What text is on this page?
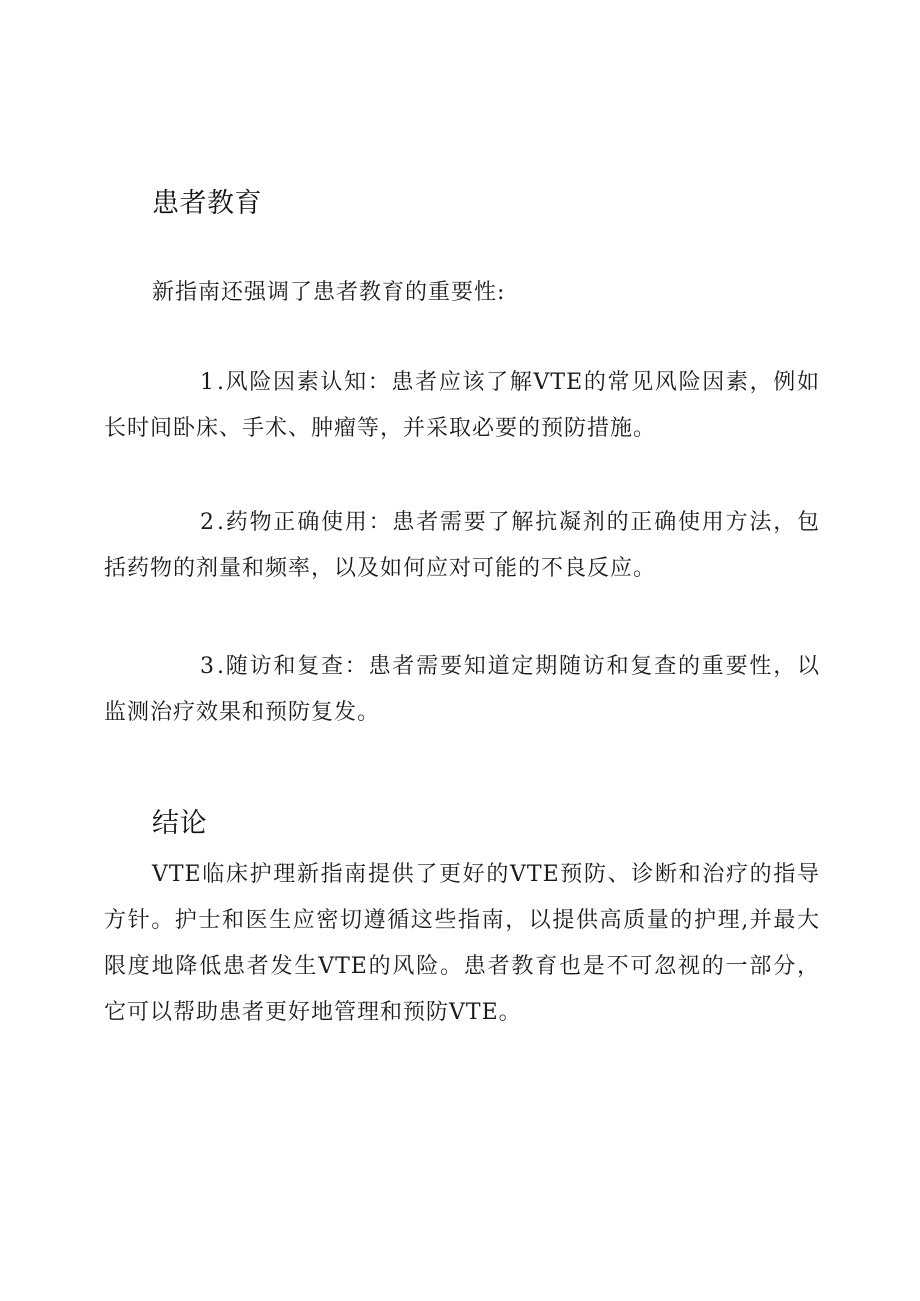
患者教育

新指南还强调了患者教育的重要性:

1.风险因素认知：患者应该了解VTE的常见风险因素，例如长时间卧床、手术、肿瘤等，并采取必要的预防措施。

2.药物正确使用：患者需要了解抗凝剂的正确使用方法，包括药物的剂量和频率，以及如何应对可能的不良反应。

3.随访和复查：患者需要知道定期随访和复查的重要性，以监测治疗效果和预防复发。

结论

VTE临床护理新指南提供了更好的VTE预防、诊断和治疗的指导方针。护士和医生应密切遵循这些指南，以提供高质量的护理,并最大限度地降低患者发生VTE的风险。患者教育也是不可忽视的一部分，它可以帮助患者更好地管理和预防VTE。
